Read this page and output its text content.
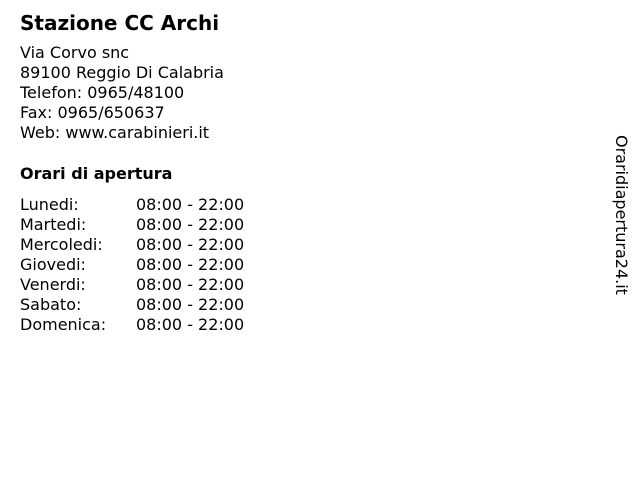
Stazione CC Archi
Via Corvo snc
89100 Reggio Di Calabria
Telefon: 0965/48100
Fax: 0965/650637
Web: www.carabinieri.it
Orari di apertura
Lunedi:	08:00 - 22:00
Martedi:	08:00 - 22:00
Mercoledi:	08:00 - 22:00
Giovedi:	08:00 - 22:00
Venerdi:	08:00 - 22:00
Sabato:	08:00 - 22:00
Domenica:	08:00 - 22:00
Oraridiapertura24.it
